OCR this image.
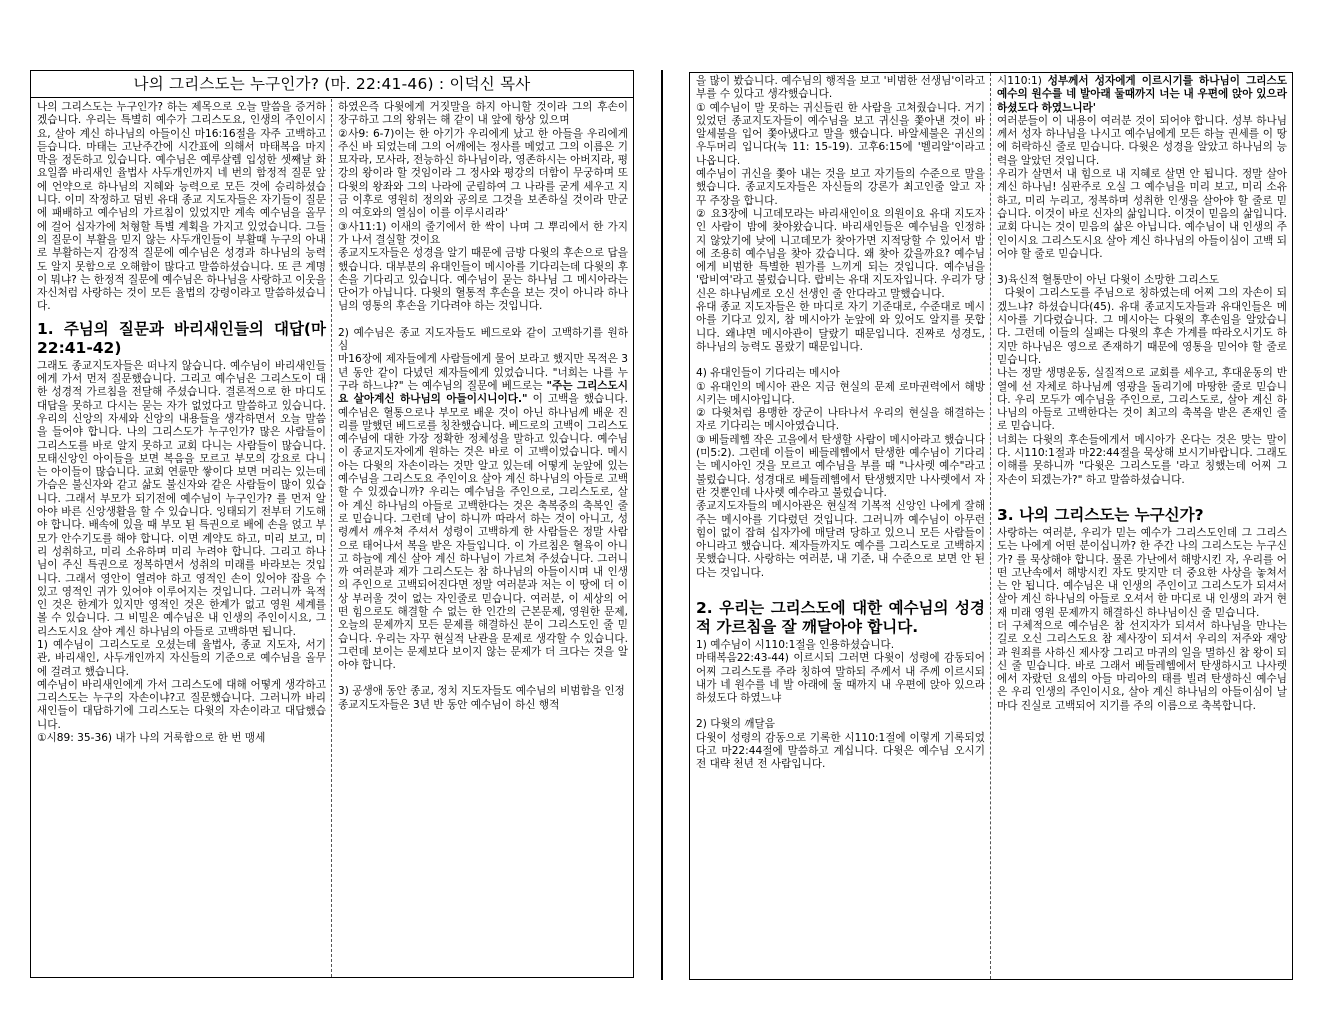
나의 그리스도는 누구인가? (마. 22:41-46) : 이덕신 목사

나의 그리스도는 누구인가? 하는 제목으로 오늘 말씀을 증거하겠습니다. 우리는 특별히 예수가 그리스도요, 인생의 주인이시요, 살아 계신 하나님의 아들이신 마16:16절을 자주 고백하고 듣습니다. 마태는 고난주간에 시간표에 의해서 마태복음 마지막을 정돈하고 있습니다. 예수님은 예루살렘 입성한 셋째날 화요일쯤 바리새인 율법사 사두개인까지 네 번의 함정적 질문 앞에 언약으로 하나님의 지혜와 능력으로 모든 것에 승리하셨습니다. 이미 작정하고 덤빈 유대 종교 지도자들은 자기들이 질문에 패배하고 예수님의 가르침이 있었지만 계속 예수님을 올무에 걸어 십자가에 처형할 특별 계획을 가지고 있었습니다. 그들의 질문이 부활을 믿지 않는 사두개인들이 부활때 누구의 아내로 부활하는지 감정적 질문에 예수님은 성경과 하나님의 능력도 알지 못함으로 오해함이 많다고 말씀하셨습니다. 또 큰 계명이 뭐냐? 는 한정적 질문에 예수님은 하나님을 사랑하고 이웃을 자신처럼 사랑하는 것이 모든 율법의 강령이라고 말씀하셨습니다.

1. 주님의 질문과 바리새인들의 대답(마 22:41-42)

그래도 종교지도자들은 떠나지 않습니다. 예수님이 바리새인들에게 가서 먼저 질문했습니다. 그리고 예수님은 그리스도이 대한 성경적 가르침을 전달해 주셨습니다. 결론적으로 한 마디도 대답을 못하고 다시는 묻는 자가 없었다고 말씀하고 있습니다. 우리의 신앙의 자세와 신앙의 내용들을 생각하면서 오늘 말씀을 들어야 합니다. 나의 그리스도가 누구인가? 많은 사람들이 그리스도를 바로 알지 못하고 교회 다니는 사람들이 많습니다. 모태신앙인 아이들을 보면 복음을 모르고 부모의 강요로 다니는 아이들이 많습니다. 교회 연륜만 쌓이다 보면 머리는 있는데 가슴은 불신자와 같고 삶도 불신자와 같은 사람들이 많이 있습니다. 그래서 부모가 되기전에 예수님이 누구인가? 를 먼저 알아야 바른 신앙생활을 할 수 있습니다. 잉태되기 전부터 기도해야 합니다. 배속에 있을 때 부모 된 특권으로 배에 손을 얹고 부모가 안수기도를 해야 합니다. 이면 계약도 하고, 미리 보고, 미리 성취하고, 미리 소유하며 미리 누려야 합니다. 그리고 하나님이 주신 특권으로 정복하면서 성취의 미래를 바라보는 것입니다. 그래서 영안이 열려야 하고 영적인 손이 있어야 잡을 수 있고 영적인 귀가 있어야 이루어지는 것입니다. 그러니까 육적인 것은 한계가 있지만 영적인 것은 한계가 없고 영원 세계를 볼 수 있습니다. 그 비밀은 예수님은 내 인생의 주인이시요, 그리스도시요 살아 계신 하나님의 아들로 고백하면 됩니다.

1) 예수님이 그리스도로 오셨는데 율법사, 종교 지도자, 서기관, 바리새인, 사두개인까지 자신들의 기준으로 예수님을 올무에 걸려고 했습니다.

예수님이 바리새인에게 가서 그리스도에 대해 어떻게 생각하고 그리스도는 누구의 자손이냐?고 질문했습니다. 그러니까 바리새인들이 대답하기에 그리스도는 다윗의 자손이라고 대답했습니다.

①시89: 35-36) 내가 나의 거룩함으로 한 번 맹세

하였은즉 다윗에게 거짓말을 하지 아니할 것이라 그의 후손이 장구하고 그의 왕위는 해 같이 내 앞에 항상 있으며

②사9: 6-7)이는 한 아기가 우리에게 났고 한 아들을 우리에게 주신 바 되었는데 그의 어깨에는 정사를 메었고 그의 이름은 기묘자라, 모사라, 전능하신 하나님이라, 영존하시는 아버지라, 평강의 왕이라 할 것임이라 그 정사와 평강의 더함이 무궁하며 또 다윗의 왕좌와 그의 나라에 군림하여 그 나라를 굳게 세우고 지금 이후로 영원히 정의와 공의로 그것을 보존하실 것이라 만군의 여호와의 열심이 이를 이루시리라'

③사11:1) 이새의 줄기에서 한 싹이 나며 그 뿌리에서 한 가지가 나서 결실할 것이요

종교지도자들은 성경을 알기 때문에 금방 다윗의 후손으로 답을 했습니다. 대부분의 유대인들이 메시아를 기다리는데 다윗의 후손을 기다리고 있습니다. 예수님이 묻는 하나님 그 메시아라는 단어가 아닙니다. 다윗의 혈통적 후손을 보는 것이 아니라 하나님의 영통의 후손을 기다려야 하는 것입니다.

2) 예수님은 종교 지도자들도 베드로와 같이 고백하기를 원하심

마16장에 제자들에게 사람들에게 물어 보라고 했지만 목적은 3년 동안 같이 다녔던 제자들에게 있었습니다. "너희는 나를 누구라 하느냐?" 는 예수님의 질문에 베드로는 "주는 그리스도시요 살아계신 하나님의 아들이시니이다." 이 고백을 했습니다. 예수님은 혈통으로나 부모로 배운 것이 아닌 하나님께 배운 진리를 말했던 베드로를 칭찬했습니다. 베드로의 고백이 그리스도 예수님에 대한 가장 정확한 정체성을 말하고 있습니다. 예수님이 종교지도자에게 원하는 것은 바로 이 고백이었습니다. 메시아는 다윗의 자손이라는 것만 알고 있는데 어떻게 눈앞에 있는 예수님을 그리스도요 주인이요 살아 계신 하나님의 아들로 고백할 수 있겠습니까? 우리는 예수님을 주인으로, 그리스도로, 살아 계신 하나님의 아들로 고백한다는 것은 축복중의 축복인 줄로 믿습니다. 그런데 남이 하니까 따라서 하는 것이 아니고, 성령께서 깨우쳐 주셔서 성령이 고백하게 한 사람들은 정말 사람으로 태어나서 복을 받은 자들입니다. 이 가르침은 혈육이 아니고 하늘에 계신 살아 계신 하나님이 가르쳐 주셨습니다. 그러니까 여러분과 제가 그리스도는 참 하나님의 아들이시며 내 인생의 주인으로 고백되어진다면 정말 여러분과 저는 이 땅에 더 이상 부러울 것이 없는 자인줄로 믿습니다. 여러분, 이 세상의 어떤 힘으로도 해결할 수 없는 한 인간의 근본문제, 영원한 문제, 오늘의 문제까지 모든 문제를 해결하신 분이 그리스도인 줄 믿습니다. 우리는 자꾸 현실적 난관을 문제로 생각할 수 있습니다. 그런데 보이는 문제보다 보이지 않는 문제가 더 크다는 것을 알아야 합니다.

3) 공생애 동안 종교, 정치 지도자들도 예수님의 비범함을 인정

종교지도자들은 3년 반 동안 예수님이 하신 행적

을 많이 봤습니다. 예수님의 행적을 보고 '비범한 선생님'이라고 부를 수 있다고 생각했습니다.

① 예수님이 말 못하는 귀신들린 한 사람을 고쳐줬습니다. 거기 있었던 종교지도자들이 예수님을 보고 귀신을 쫓아낸 것이 바알세불을 입어 쫓아냈다고 말을 했습니다. 바알세불은 귀신의 우두머리 입니다(눅 11: 15-19). 고후6:15에 '벨리알'이라고 나옵니다.

예수님이 귀신을 쫓아 내는 것을 보고 자기들의 수준으로 말을 했습니다. 종교지도자들은 자신들의 강론가 최고인줄 알고 자꾸 주장을 합니다.

② 요3장에 니고데모라는 바리새인이요 의원이요 유대 지도자인 사람이 밤에 찾아왔습니다. 바리새인들은 예수님을 인정하지 않았기에 낮에 니고데모가 찾아가면 지적당할 수 있어서 밤에 조용히 예수님을 찾아 갔습니다. 왜 찾아 갔을까요? 예수님에게 비범한 특별한 뭔가를 느끼게 되는 것입니다. 예수님을 '랍비여'라고 불렀습니다. 랍비는 유대 지도자입니다. 우리가 당신은 하나님께로 오신 선생인 줄 안다라고 말했습니다.

유대 종교 지도자들은 한 마디로 자기 기준대로, 수준대로 메시아를 기다고 있지, 참 메시아가 눈앞에 와 있어도 알지를 못합니다. 왜냐면 메시아관이 달랐기 때문입니다. 진짜로 성경도, 하나님의 능력도 몰랐기 때문입니다.

4) 유대인들이 기다리는 메시아

① 유대인의 메시아 관은 지금 현실의 문제 로마권력에서 해방시키는 메시아입니다.

② 다윗처럼 용맹한 장군이 나타나서 우리의 현실을 해결하는 자로 기다리는 메시아였습니다.

③ 베들레헴 작은 고을에서 탄생할 사람이 메시아라고 했습니다(미5:2). 그런데 이들이 베들레헴에서 탄생한 예수님이 기다리는 메시아인 것을 모르고 예수님을 부를 때 "나사렛 예수"라고 불렀습니다. 성경대로 베들레헴에서 탄생했지만 나사렛에서 자란 것뿐인데 나사렛 예수라고 불렀습니다.

종교지도자들의 메시아관은 현실적 기복적 신앙인 나에게 잘해주는 메시아를 기다렸던 것입니다. 그러니까 예수님이 아무런 힘이 없이 잡혀 십자가에 매달려 당하고 있으니 모든 사람들이 아니라고 했습니다. 제자들까지도 예수를 그리스도로 고백하지 못했습니다. 사랑하는 여러분, 내 기준, 내 수준으로 보면 안 된다는 것입니다.

2. 우리는 그리스도에 대한 예수님의 성경적 가르침을 잘 깨달아야 합니다.

1) 예수님이 시110:1절을 인용하셨습니다.

마태복음22:43-44) 이르시되 그러면 다윗이 성령에 감동되어 어찌 그리스도를 주라 칭하여 말하되 주께서 내 주께 이르시되 내가 네 원수를 네 발 아래에 둘 때까지 내 우편에 앉아 있으라 하셨도다 하였느냐

2) 다윗의 깨달음

다윗이 성령의 감동으로 기록한 시110:1절에 이렇게 기록되었다고 마22:44절에 말씀하고 계십니다. 다윗은 예수님 오시기전 대략 천년 전 사람입니다.

시110:1) 성부께서 성자에게 이르시기를 하나님이 그리스도 예수의 원수를 네 발아래 둘때까지 너는 내 우편에 앉아 있으라 하셨도다 하였느니라'

여러분들이 이 내용이 여러분 것이 되어야 합니다. 성부 하나님께서 성자 하나님을 나시고 예수님에게 모든 하늘 권세를 이 땅에 허락하신 줄로 믿습니다. 다윗은 성경을 알았고 하나님의 능력을 알았던 것입니다.

우리가 살면서 내 힘으로 내 지혜로 살면 안 됩니다. 정말 살아 계신 하나님! 심판주로 오실 그 예수님을 미리 보고, 미리 소유하고, 미리 누리고, 정복하며 성취한 인생을 살아야 할 줄로 믿습니다. 이것이 바로 신자의 삶입니다. 이것이 믿음의 삶입니다. 교회 다니는 것이 믿음의 삶은 아닙니다. 예수님이 내 인생의 주인이시요 그리스도시요 살아 계신 하나님의 아들이심이 고백 되어야 할 줄로 믿습니다.

3)육신적 혈통만이 아닌 다윗이 소망한 그리스도

다윗이 그리스도를 주님으로 칭하였는데 어찌 그의 자손이 되겠느냐? 하셨습니다(45). 유대 종교지도자들과 유대인들은 메시아를 기다렸습니다. 그 메시아는 다윗의 후손임을 알았습니다. 그런데 이들의 실패는 다윗의 후손 가계를 따라오시기도 하지만 하나님은 영으로 존재하기 때문에 영통을 믿어야 할 줄로 믿습니다.

나는 정말 생명운동, 실질적으로 교회를 세우고, 후대운동의 반열에 선 자체로 하나님께 영광을 돌리기에 마땅한 줄로 믿습니다. 우리 모두가 예수님을 주인으로, 그리스도로, 살아 계신 하나님의 아들로 고백한다는 것이 최고의 축복을 받은 존재인 줄로 믿습니다.

너희는 다윗의 후손들에게서 메시아가 온다는 것은 맞는 말이다. 시110:1절과 마22:44절을 묵상해 보시기바랍니다. 그래도 이해를 못하니까 "다윗은 그리스도를 '라고 칭했는데 어찌 그 자손이 되겠는가?" 하고 말씀하셨습니다.

3. 나의 그리스도는 누구신가?

사랑하는 여러분, 우리가 믿는 예수가 그리스도인데 그 그리스도는 나에게 어떤 분이십니까? 한 주간 나의 그리스도는 누구신가? 를 묵상해야 합니다. 물론 가난에서 해방시킨 자, 우리를 어떤 고난속에서 해방시킨 자도 맞지만 더 중요한 사상을 놓쳐서는 안 됩니다. 예수님은 내 인생의 주인이고 그리스도가 되셔서 살아 계신 하나님의 아들로 오셔서 한 마디로 내 인생의 과거 현재 미래 영원 문제까지 해결하신 하나님이신 줄 믿습니다.

더 구체적으로 예수님은 참 선지자가 되셔서 하나님을 만나는 길로 오신 그리스도요 참 제사장이 되셔서 우리의 저주와 재앙과 원죄를 사하신 제사장 그리고 마귀의 일을 멸하신 참 왕이 되신 줄 믿습니다. 바로 그래서 베들레헴에서 탄생하시고 나사렛에서 자랐던 요셉의 아들 마리아의 태를 빌려 탄생하신 예수님은 우리 인생의 주인이시요, 살아 계신 하나님의 아들이심이 날마다 진실로 고백되어 지기를 주의 이름으로 축복합니다.
